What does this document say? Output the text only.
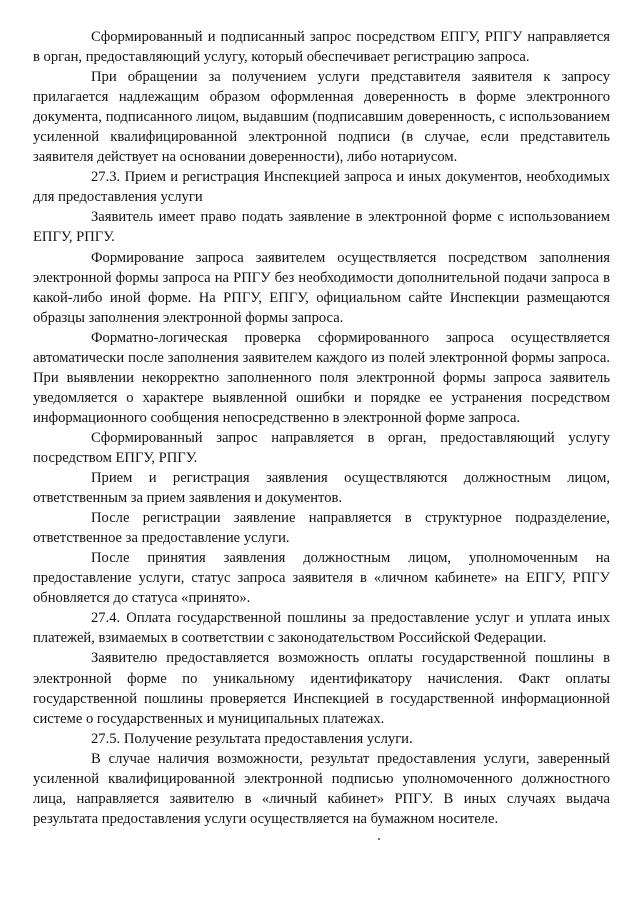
Сформированный и подписанный запрос посредством ЕПГУ, РПГУ направляется в орган, предоставляющий услугу, который обеспечивает регистрацию запроса.

При обращении за получением услуги представителя заявителя к запросу прилагается надлежащим образом оформленная доверенность в форме электронного документа, подписанного лицом, выдавшим (подписавшим доверенность, с использованием усиленной квалифицированной электронной подписи (в случае, если представитель заявителя действует на основании доверенности), либо нотариусом.

27.3. Прием и регистрация Инспекцией запроса и иных документов, необходимых для предоставления услуги

Заявитель имеет право подать заявление в электронной форме с использованием ЕПГУ, РПГУ.

Формирование запроса заявителем осуществляется посредством заполнения электронной формы запроса на РПГУ без необходимости дополнительной подачи запроса в какой-либо иной форме. На РПГУ, ЕПГУ, официальном сайте Инспекции размещаются образцы заполнения электронной формы запроса.

Форматно-логическая проверка сформированного запроса осуществляется автоматически после заполнения заявителем каждого из полей электронной формы запроса. При выявлении некорректно заполненного поля электронной формы запроса заявитель уведомляется о характере выявленной ошибки и порядке ее устранения посредством информационного сообщения непосредственно в электронной форме запроса.

Сформированный запрос направляется в орган, предоставляющий услугу посредством ЕПГУ, РПГУ.

Прием и регистрация заявления осуществляются должностным лицом, ответственным за прием заявления и документов.

После регистрации заявление направляется в структурное подразделение, ответственное за предоставление услуги.

После принятия заявления должностным лицом, уполномоченным на предоставление услуги, статус запроса заявителя в «личном кабинете» на ЕПГУ, РПГУ обновляется до статуса «принято».

27.4. Оплата государственной пошлины за предоставление услуг и уплата иных платежей, взимаемых в соответствии с законодательством Российской Федерации.

Заявителю предоставляется возможность оплаты государственной пошлины в электронной форме по уникальному идентификатору начисления. Факт оплаты государственной пошлины проверяется Инспекцией в государственной информационной системе о государственных и муниципальных платежах.

27.5. Получение результата предоставления услуги.

В случае наличия возможности, результат предоставления услуги, заверенный усиленной квалифицированной электронной подписью уполномоченного должностного лица, направляется заявителю в «личный кабинет» РПГУ. В иных случаях выдача результата предоставления услуги осуществляется на бумажном носителе.
